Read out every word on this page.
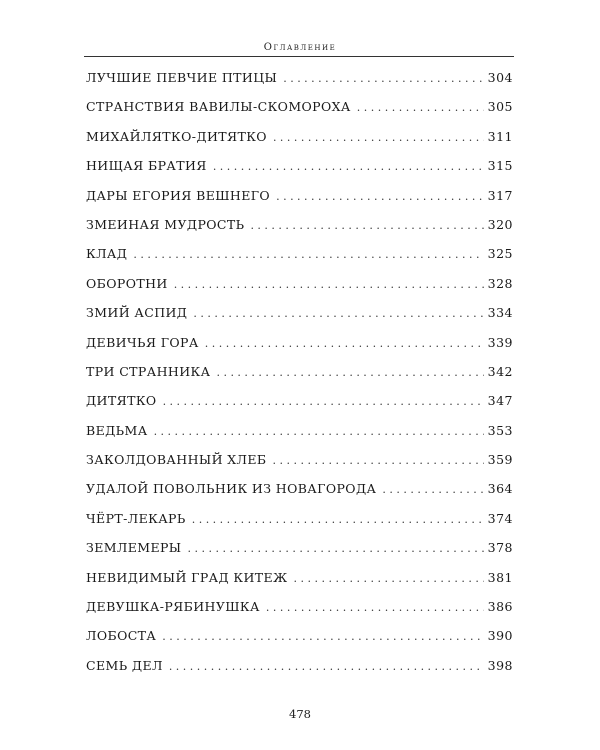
Оглавление
ЛУЧШИЕ ПЕВЧИЕ ПТИЦЫ . . .	304
СТРАНСТВИЯ ВАВИЛЫ-СКОМОРОХА . . .	305
МИХАЙЛЯТКО-ДИТЯТКО . . .	311
НИЩАЯ БРАТИЯ . . .	315
ДАРЫ ЕГОРИЯ ВЕШНЕГО . . .	317
ЗМЕИНАЯ МУДРОСТЬ . . .	320
КЛАД . . .	325
ОБОРОТНИ . . .	328
ЗМИЙ АСПИД . . .	334
ДЕВИЧЬЯ ГОРА . . .	339
ТРИ СТРАННИКА . . .	342
ДИТЯТКО . . .	347
ВЕДЬМА . . .	353
ЗАКОЛДОВАННЫЙ ХЛЕБ . . .	359
УДАЛОЙ ПОВОЛЬНИК ИЗ НОВАГОРОДА . . .	364
ЧЁРТ-ЛЕКАРЬ . . .	374
ЗЕМЛЕМЕРЫ . . .	378
НЕВИДИМЫЙ ГРАД КИТЕЖ . . .	381
ДЕВУШКА-РЯБИНУШКА . . .	386
ЛОБОСТА . . .	390
СЕМЬ ДЕЛ . . .	398
478
